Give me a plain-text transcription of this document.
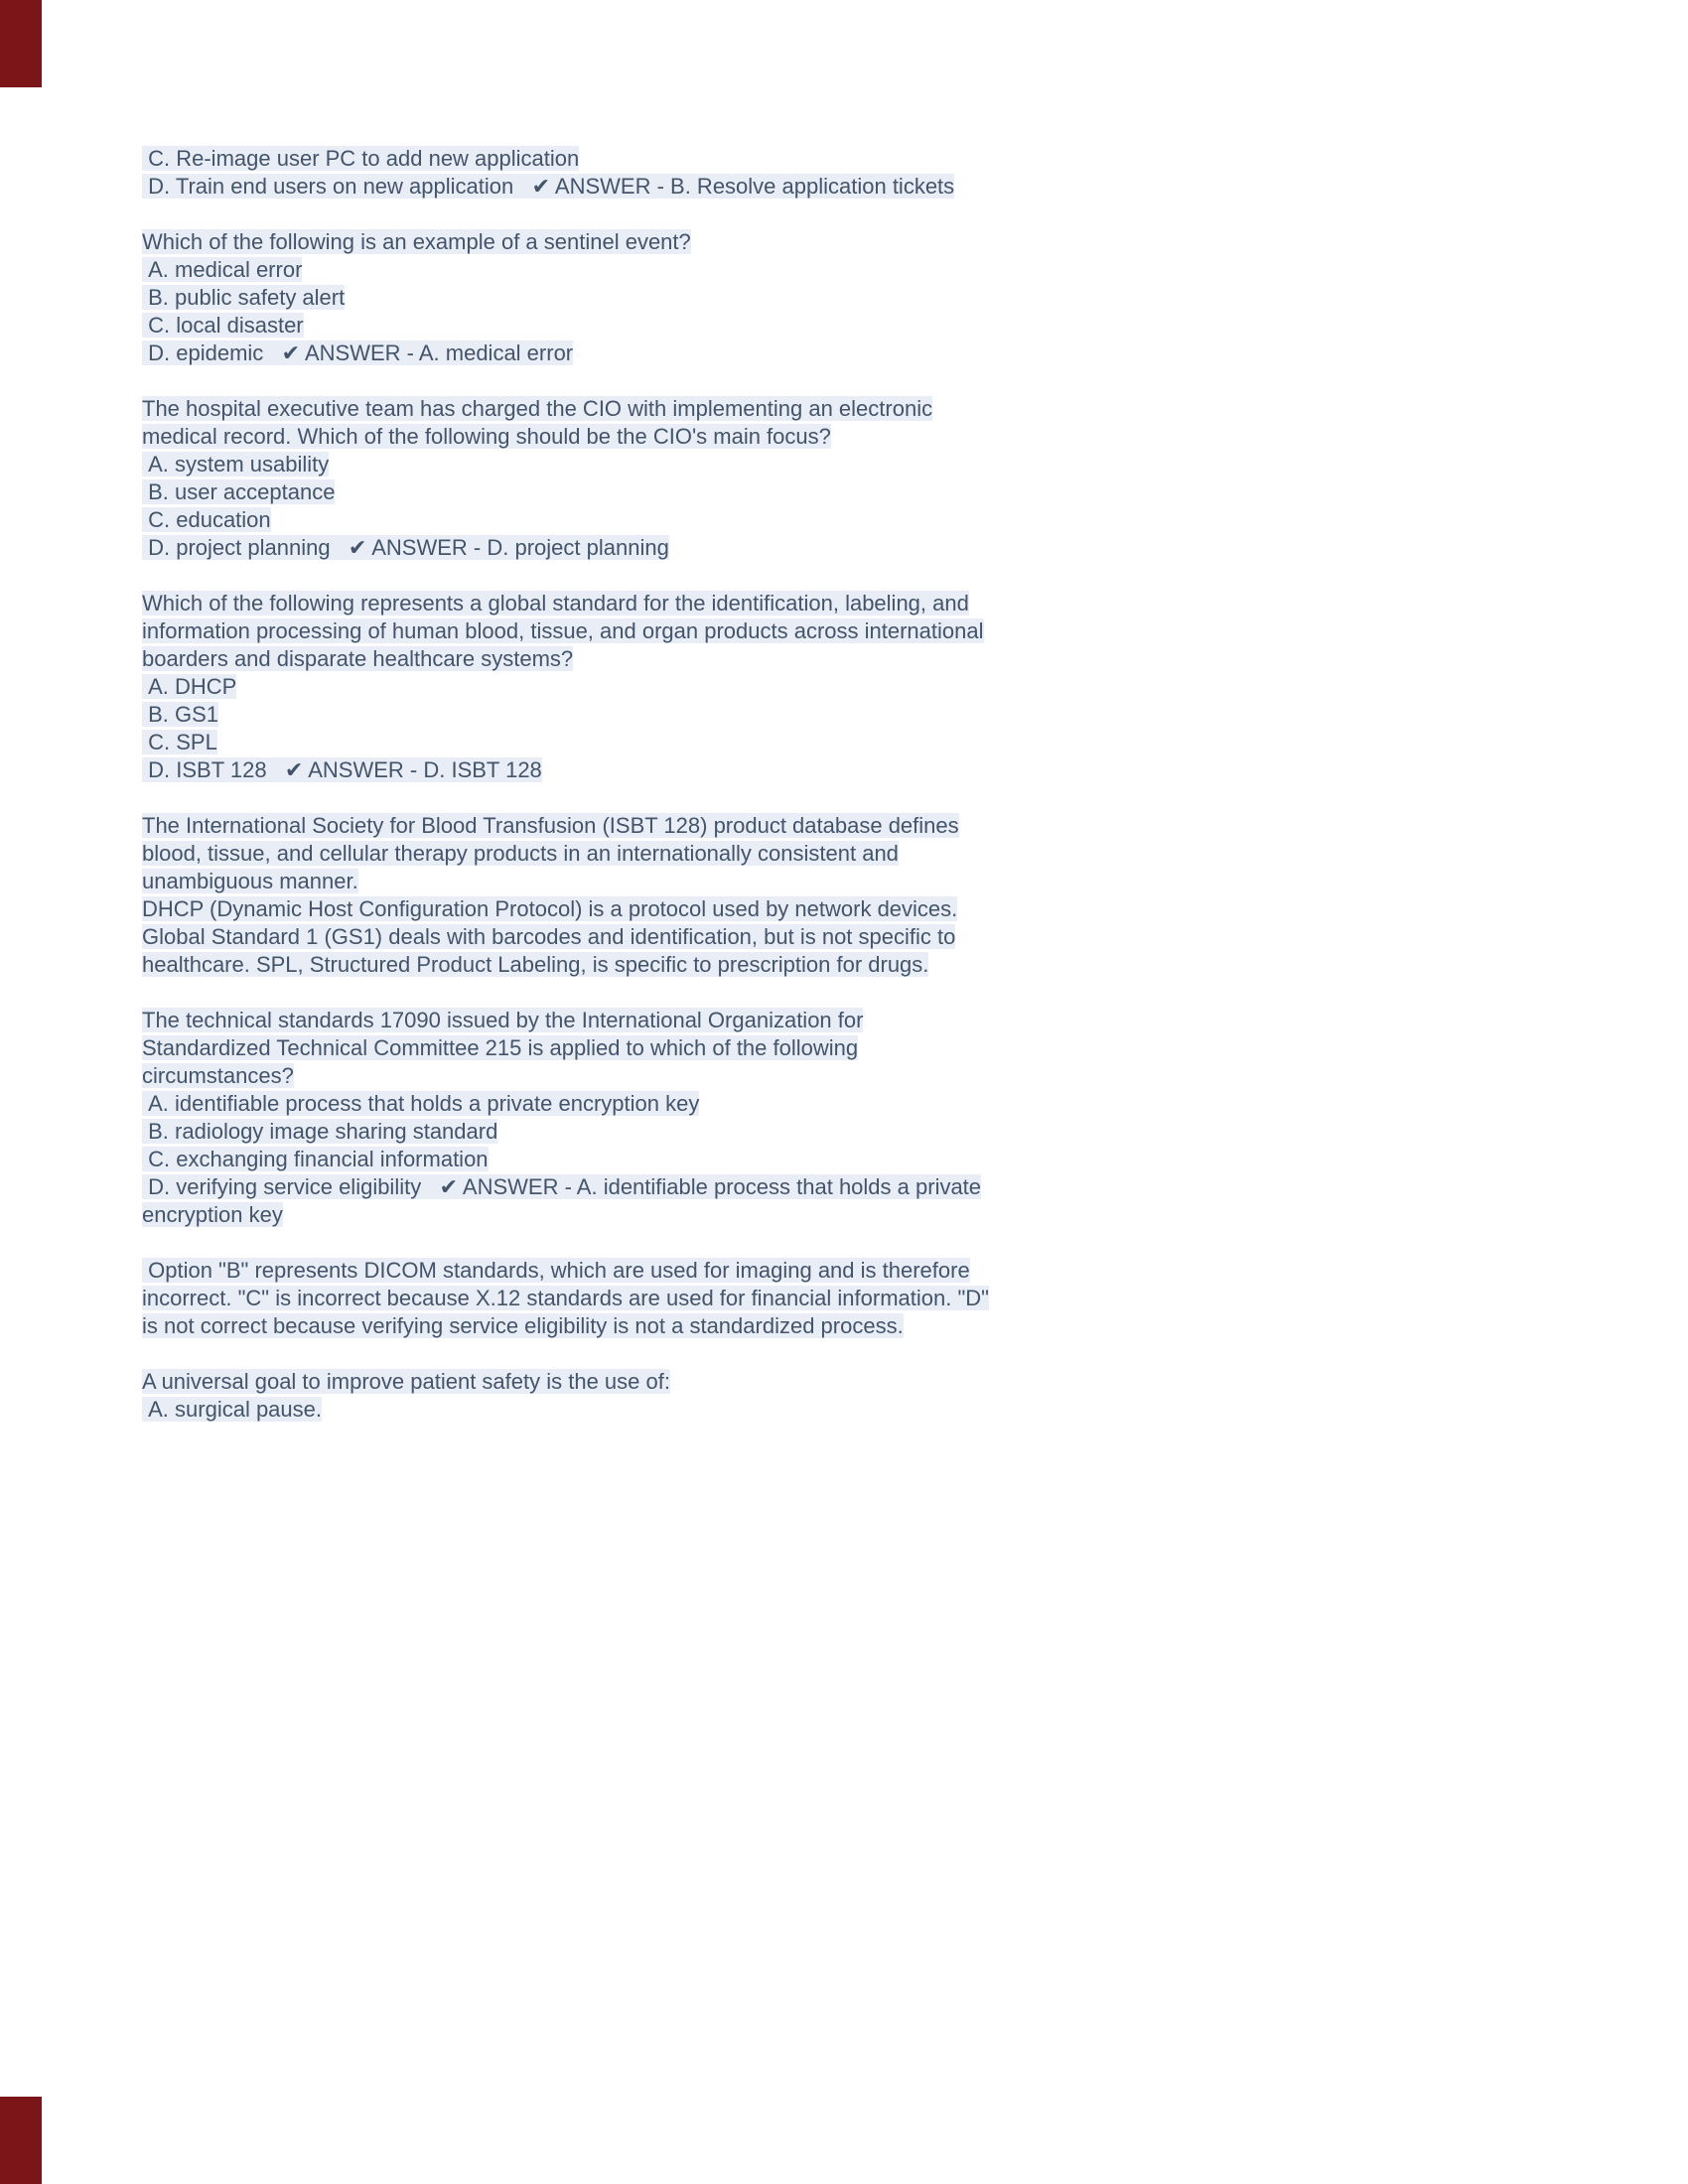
C. Re-image user PC to add new application
D. Train end users on new application   ✔ ANSWER - B. Resolve application tickets
Which of the following is an example of a sentinel event?
A. medical error
B. public safety alert
C. local disaster
D. epidemic   ✔ ANSWER - A. medical error
The hospital executive team has charged the CIO with implementing an electronic
medical record. Which of the following should be the CIO's main focus?
A. system usability
B. user acceptance
C. education
D. project planning   ✔ ANSWER - D. project planning
Which of the following represents a global standard for the identification, labeling, and
information processing of human blood, tissue, and organ products across international
boarders and disparate healthcare systems?
A. DHCP
B. GS1
C. SPL
D. ISBT 128   ✔ ANSWER - D. ISBT 128
The International Society for Blood Transfusion (ISBT 128) product database defines
blood, tissue, and cellular therapy products in an internationally consistent and
unambiguous manner.
DHCP (Dynamic Host Configuration Protocol) is a protocol used by network devices.
Global Standard 1 (GS1) deals with barcodes and identification, but is not specific to
healthcare. SPL, Structured Product Labeling, is specific to prescription for drugs.
The technical standards 17090 issued by the International Organization for
Standardized Technical Committee 215 is applied to which of the following
circumstances?
A. identifiable process that holds a private encryption key
B. radiology image sharing standard
C. exchanging financial information
D. verifying service eligibility   ✔ ANSWER - A. identifiable process that holds a private
encryption key
Option "B" represents DICOM standards, which are used for imaging and is therefore
incorrect. "C" is incorrect because X.12 standards are used for financial information. "D"
is not correct because verifying service eligibility is not a standardized process.
A universal goal to improve patient safety is the use of:
A. surgical pause.
